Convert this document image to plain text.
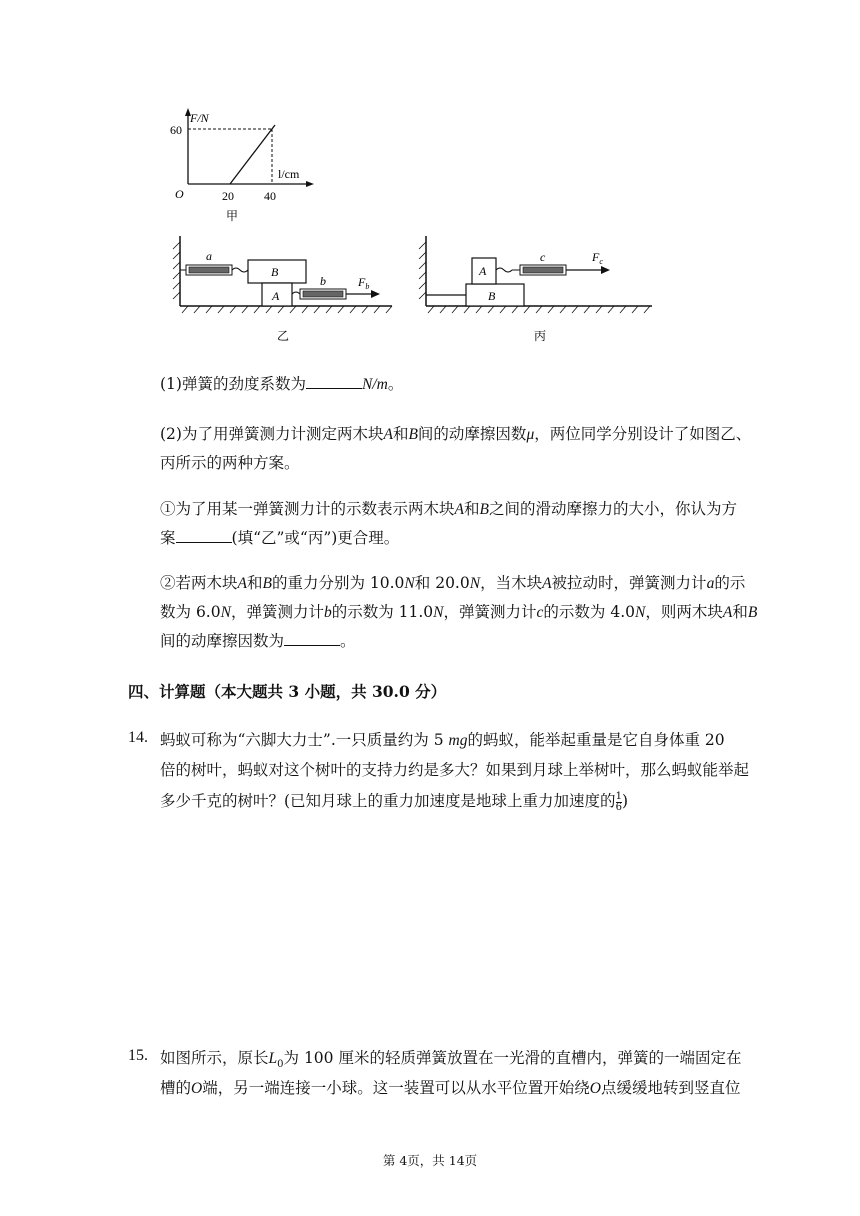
F/N
l/cm
O
60
20	40
甲
a
B
A
b	$F_b$
乙
B
A
c	$F_c$
丙
(1)弹簧的劲度系数为	N/m。
(2)为了用弹簧测力计测定两木块A和B间的动摩擦因数μ，两位同学分别设计了如图乙、
丙所示的两种方案。
①为了用某一弹簧测力计的示数表示两木块A和B之间的滑动摩擦力的大小，你认为方
案	(填“乙”或“丙”)更合理。
②若两木块A和B的重力分别为 10.0N和 20.0N，当木块A被拉动时，弹簧测力计a的示
数为 6.0N，弹簧测力计b的示数为 11.0N，弹簧测力计c的示数为 4.0N，则两木块A和B
间的动摩擦因数为	。
四、计算题（本大题共 3 小题，共 30.0 分）
14. 蚂蚁可称为“六脚大力士”.一只质量约为 5 mg的蚂蚁，能举起重量是它自身体重 20
倍的树叶，蚂蚁对这个树叶的支持力约是多大？如果到月球上举树叶，那么蚂蚁能举起
多少千克的树叶？(已知月球上的重力加速度是地球上重力加速度的 $\frac{1}{6}$ )
15. 如图所示，原长$L_0$为 100 厘米的轻质弹簧放置在一光滑的直槽内，弹簧的一端固定在
槽的O端，另一端连接一小球。这一装置可以从水平位置开始绕O点缓缓地转到竖直位
第 4页，共 14页
